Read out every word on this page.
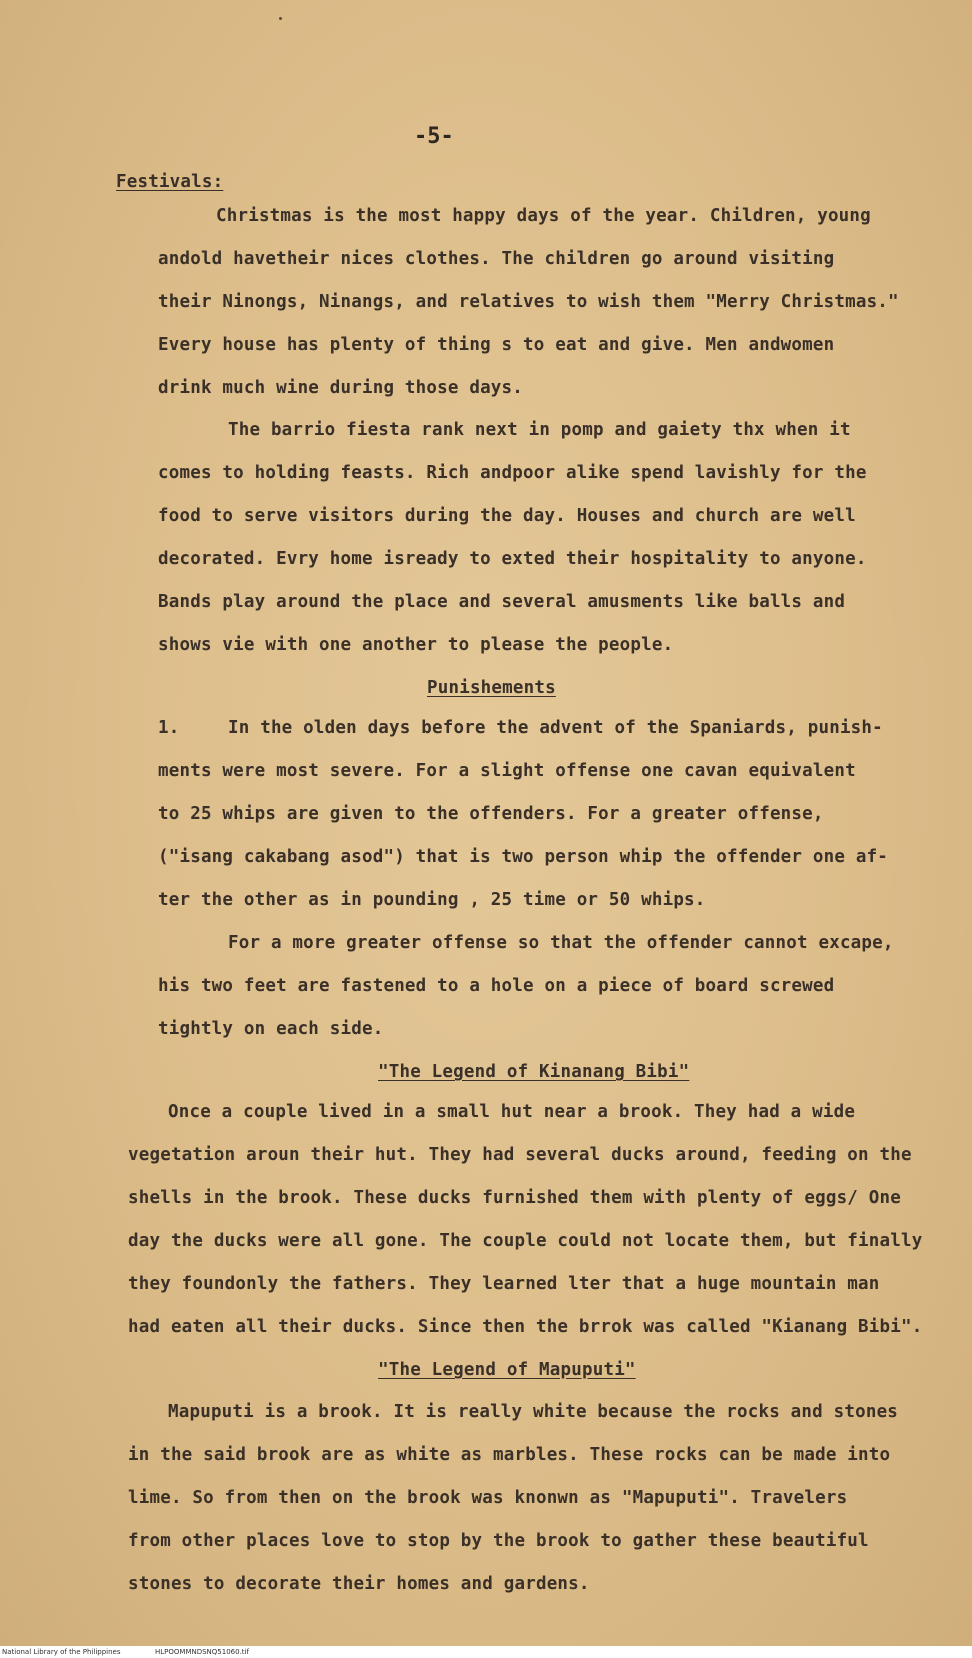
-5-
Festivals:
Christmas is the most happy days of the year. Children, young
andold havetheir nices clothes. The children go around visiting
their Ninongs, Ninangs, and relatives to wish them "Merry Christmas."
Every house has plenty of thing s to eat and give. Men andwomen
drink much wine during those days.
The barrio fiesta rank next in pomp and gaiety thx when it
comes to holding feasts. Rich andpoor alike spend lavishly for the
food to serve visitors during the day. Houses and church are well
decorated. Evry home isready to exted their hospitality to anyone.
Bands play around the place and several amusments like balls and
shows vie with one another to please the people.
Punishements
1.	In the olden days before the advent of the Spaniards, punish-
ments were most severe. For a slight offense one cavan equivalent
to 25 whips are given to the offenders. For a greater offense,
("isang cakabang asod") that is two person whip the offender one af-
ter the other as in pounding , 25 time or 50 whips.
For a more greater offense so that the offender cannot excape,
his two feet are fastened to a hole on a piece of board screwed
tightly on each side.
"The Legend of Kinanang Bibi"
Once a couple lived in a small hut near a brook. They had a wide
vegetation aroun their hut. They had several ducks around, feeding on the
shells in the brook. These ducks furnished them with plenty of eggs/ One
day the ducks were all gone. The couple could not locate them, but finally
they foundonly the fathers. They learned lter that a huge mountain man
had eaten all their ducks. Since then the brrok was called "Kianang Bibi".
"The Legend of Mapuputi"
Mapuputi is a brook. It is really white because the rocks and stones
in the said brook are as white as marbles. These rocks can be made into
lime. So from then on the brook was knonwn as "Mapuputi". Travelers
from other places love to stop by the brook to gather these beautiful
stones to decorate their homes and gardens.
National Library of the Philippines	HLPOOMMNDSNQ51060.tif
